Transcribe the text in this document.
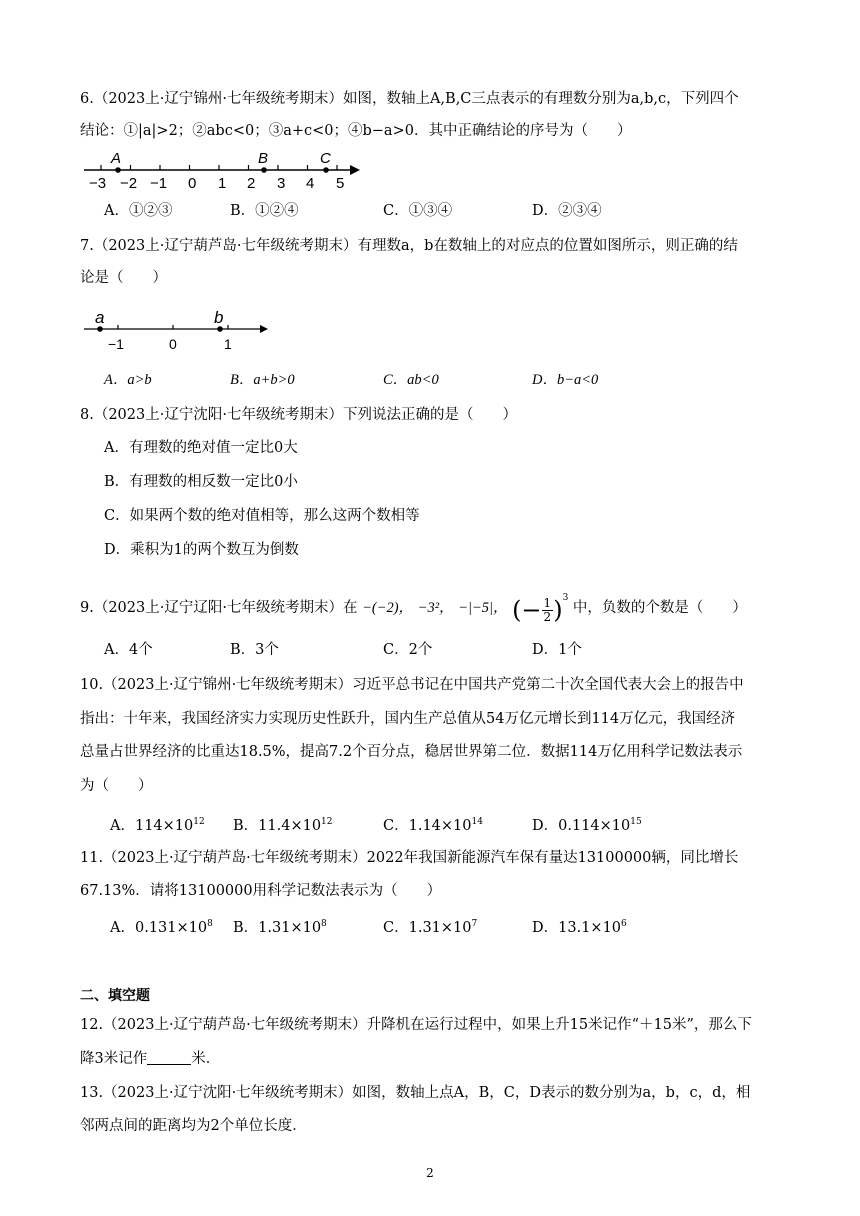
6.（2023上·辽宁锦州·七年级统考期末）如图，数轴上A,B,C三点表示的有理数分别为a,b,c，下列四个
结论：①|a|>2；②abc<0；③a+c<0；④b−a>0．其中正确结论的序号为（　　）
A	B	C
−3 −2 −1 0 1 2 3 4 5
A．①②③	B．①②④	C．①③④	D．②③④
7.（2023上·辽宁葫芦岛·七年级统考期末）有理数a，b在数轴上的对应点的位置如图所示，则正确的结
论是（　　）
a	b
−1	0	1
A．a>b	B．a+b>0	C．ab<0	D．b−a<0
8.（2023上·辽宁沈阳·七年级统考期末）下列说法正确的是（　　）
A．有理数的绝对值一定比0大
B．有理数的相反数一定比0小
C．如果两个数的绝对值相等，那么这两个数相等
D．乘积为1的两个数互为倒数
9.（2023上·辽宁辽阳·七年级统考期末）在 −(−2)， −3²， −|−5|， (− $\frac{1}{2} )^3$ 中，负数的个数是（　　）
A．4个	B．3个	C．2个	D．1个
10.（2023上·辽宁锦州·七年级统考期末）习近平总书记在中国共产党第二十次全国代表大会上的报告中
指出：十年来，我国经济实力实现历史性跃升，国内生产总值从54万亿元增长到114万亿元，我国经济
总量占世界经济的比重达18.5%，提高7.2个百分点，稳居世界第二位．数据114万亿用科学记数法表示
为（　　）
A．$114\times 10^{12}$ B．$11.4\times 10^{12}$	C．$1.14\times 10^{14}$	D．$0.114\times 10^{15}$
11.（2023上·辽宁葫芦岛·七年级统考期末）2022年我国新能源汽车保有量达13100000辆，同比增长
67.13%．请将13100000用科学记数法表示为（　　）
A．$0.131\times 10^8$ B．$1.31\times 10^8$	C．$1.31\times 10^7$	D．$13.1\times 10^6$
二、填空题
12.（2023上·辽宁葫芦岛·七年级统考期末）升降机在运行过程中，如果上升15米记作“＋15米”，那么下
降3米记作	米．
13.（2023上·辽宁沈阳·七年级统考期末）如图，数轴上点A，B，C，D表示的数分别为a，b，c，d，相
邻两点间的距离均为2个单位长度．
2
